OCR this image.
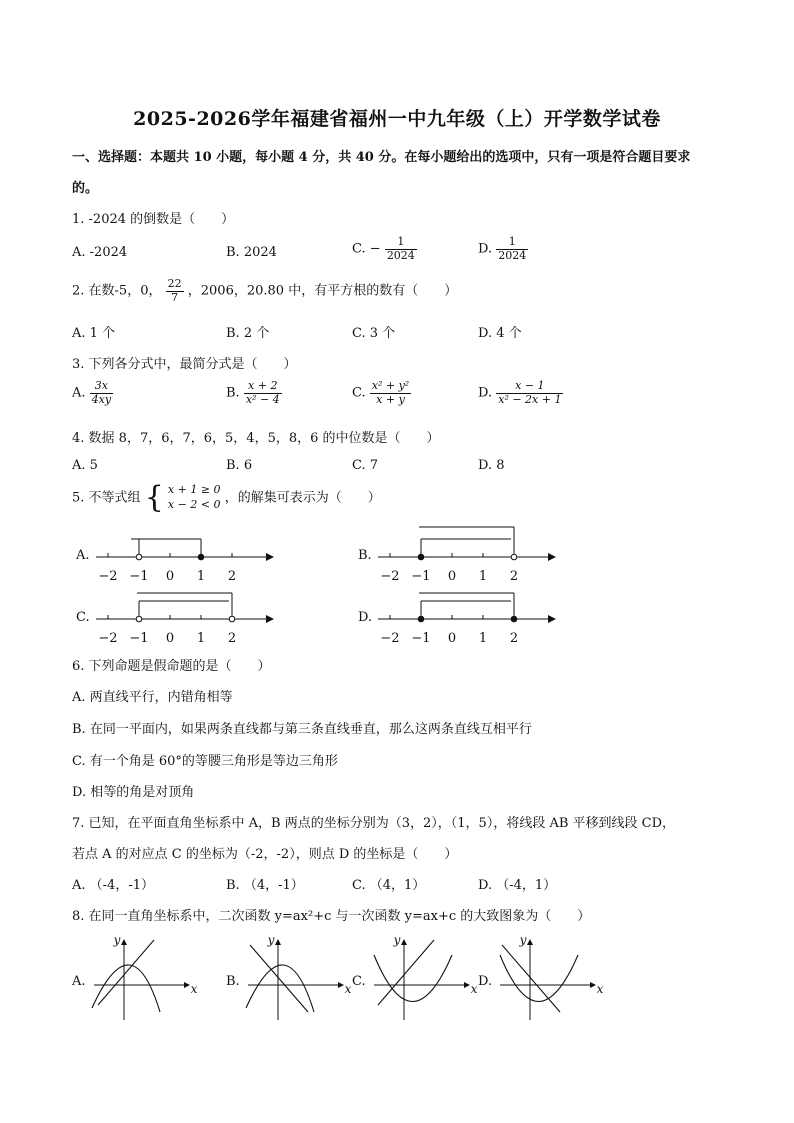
2025-2026学年福建省福州一中九年级（上）开学数学试卷
一、选择题：本题共 10 小题，每小题 4 分，共 40 分。在每小题给出的选项中，只有一项是符合题目要求
的。
1. -2024 的倒数是（　　）
A. -2024	B. 2024	C. − $\frac{1}{2024}$	D. $\frac{1}{2024}$
2. 在数-5，0， $\frac{22}{7}$ ，2006，20.80 中，有平方根的数有（　　）
A. 1 个	B. 2 个	C. 3 个	D. 4 个
3. 下列各分式中，最简分式是（　　）
A. $\frac{3x}{4xy}$	B. $\frac{x + 2}{\text{x² − 4}}$	C. $\frac{\text{x² + y²}}{x + y}$	D. $\frac{x - 1}{\text{x² − 2x + 1}}$
4. 数据 8，7，6，7，6，5，4，5，8，6 的中位数是（　　）
A. 5	B. 6	C. 7	D. 8
5. 不等式组 { x + 1 ≥ 0
x − 2 < 0 ，的解集可表示为（　　）
A.
−2 −1 0 1 2
B.
−2 −1 0 1 2
C.
−2 −1 0 1 2
D.
−2 −1 0 1 2
A.	x
y
B.	x
y
C.	x
y
D.	x
y
6. 下列命题是假命题的是（　　）
A. 两直线平行，内错角相等
B. 在同一平面内，如果两条直线都与第三条直线垂直，那么这两条直线互相平行
C. 有一个角是 60°的等腰三角形是等边三角形
D. 相等的角是对顶角
7. 已知，在平面直角坐标系中 A，B 两点的坐标分别为（3，2），（1，5），将线段 AB 平移到线段 CD，
若点 A 的对应点 C 的坐标为（-2，-2），则点 D 的坐标是（　　）
A. （-4，-1）	B. （4，-1）	C. （4，1）	D. （-4，1）
8. 在同一直角坐标系中，二次函数 y=ax²+c 与一次函数 y=ax+c 的大致图象为（　　）
